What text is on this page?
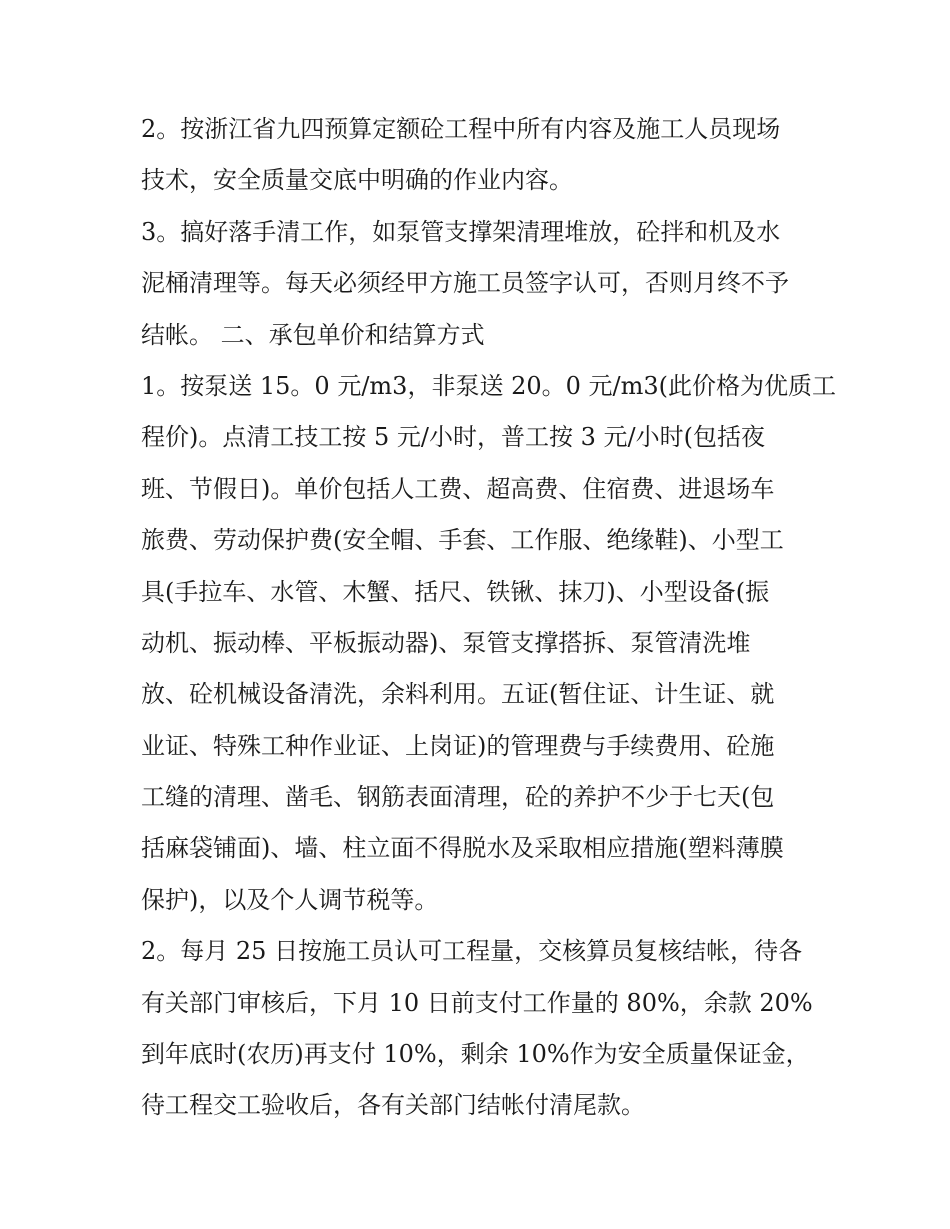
2。按浙江省九四预算定额砼工程中所有内容及施工人员现场
技术，安全质量交底中明确的作业内容。
3。搞好落手清工作，如泵管支撑架清理堆放，砼拌和机及水
泥桶清理等。每天必须经甲方施工员签字认可，否则月终不予
结帐。 二、承包单价和结算方式
1。按泵送 15。0 元/m3，非泵送 20。0 元/m3(此价格为优质工
程价)。点清工技工按 5 元/小时，普工按 3 元/小时(包括夜
班、节假日)。单价包括人工费、超高费、住宿费、进退场车
旅费、劳动保护费(安全帽、手套、工作服、绝缘鞋)、小型工
具(手拉车、水管、木蟹、括尺、铁锹、抹刀)、小型设备(振
动机、振动棒、平板振动器)、泵管支撑搭拆、泵管清洗堆
放、砼机械设备清洗，余料利用。五证(暂住证、计生证、就
业证、特殊工种作业证、上岗证)的管理费与手续费用、砼施
工缝的清理、凿毛、钢筋表面清理，砼的养护不少于七天(包
括麻袋铺面)、墙、柱立面不得脱水及采取相应措施(塑料薄膜
保护)，以及个人调节税等。
2。每月 25 日按施工员认可工程量，交核算员复核结帐，待各
有关部门审核后，下月 10 日前支付工作量的 80%，余款 20%
到年底时(农历)再支付 10%，剩余 10%作为安全质量保证金，
待工程交工验收后，各有关部门结帐付清尾款。
